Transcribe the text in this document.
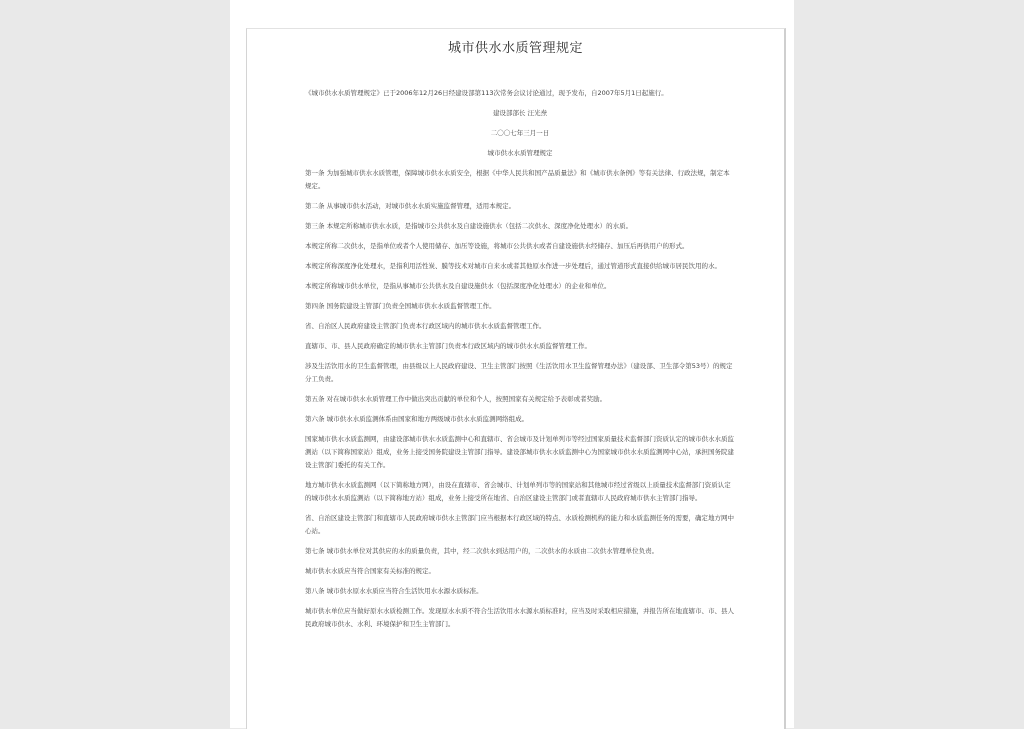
城市供水水质管理规定

《城市供水水质管理规定》已于2006年12月26日经建设部第113次常务会议讨论通过，现予发布，自2007年5月1日起施行。

建设部部长 汪光焘

二〇〇七年三月一日

城市供水水质管理规定

第一条 为加强城市供水水质管理，保障城市供水水质安全，根据《中华人民共和国产品质量法》和《城市供水条例》等有关法律、行政法规，制定本规定。

第二条 从事城市供水活动，对城市供水水质实施监督管理，适用本规定。

第三条 本规定所称城市供水水质，是指城市公共供水及自建设施供水（包括二次供水、深度净化处理水）的水质。

本规定所称二次供水，是指单位或者个人使用储存、加压等设施，将城市公共供水或者自建设施供水经储存、加压后再供用户的形式。

本规定所称深度净化处理水，是指利用活性炭、膜等技术对城市自来水或者其他原水作进一步处理后，通过管道形式直接供给城市居民饮用的水。

本规定所称城市供水单位，是指从事城市公共供水及自建设施供水（包括深度净化处理水）的企业和单位。

第四条 国务院建设主管部门负责全国城市供水水质监督管理工作。

省、自治区人民政府建设主管部门负责本行政区域内的城市供水水质监督管理工作。

直辖市、市、县人民政府确定的城市供水主管部门负责本行政区域内的城市供水水质监督管理工作。

涉及生活饮用水的卫生监督管理，由县级以上人民政府建设、卫生主管部门按照《生活饮用水卫生监督管理办法》（建设部、卫生部令第53号）的规定分工负责。

第五条 对在城市供水水质管理工作中做出突出贡献的单位和个人，按照国家有关规定给予表彰或者奖励。

第六条 城市供水水质监测体系由国家和地方两级城市供水水质监测网络组成。

国家城市供水水质监测网，由建设部城市供水水质监测中心和直辖市、省会城市及计划单列市等经过国家质量技术监督部门资质认定的城市供水水质监测站（以下简称国家站）组成，业务上接受国务院建设主管部门指导。建设部城市供水水质监测中心为国家城市供水水质监测网中心站，承担国务院建设主管部门委托的有关工作。

地方城市供水水质监测网（以下简称地方网），由设在直辖市、省会城市、计划单列市等的国家站和其他城市经过省级以上质量技术监督部门资质认定的城市供水水质监测站（以下简称地方站）组成，业务上接受所在地省、自治区建设主管部门或者直辖市人民政府城市供水主管部门指导。

省、自治区建设主管部门和直辖市人民政府城市供水主管部门应当根据本行政区域的特点、水质检测机构的能力和水质监测任务的需要，确定地方网中心站。

第七条 城市供水单位对其供应的水的质量负责，其中，经二次供水到达用户的，二次供水的水质由二次供水管理单位负责。

城市供水水质应当符合国家有关标准的规定。

第八条 城市供水原水水质应当符合生活饮用水水源水质标准。

城市供水单位应当做好原水水质检测工作。发现原水水质不符合生活饮用水水源水质标准时，应当及时采取相应措施，并报告所在地直辖市、市、县人民政府城市供水、水利、环境保护和卫生主管部门。
